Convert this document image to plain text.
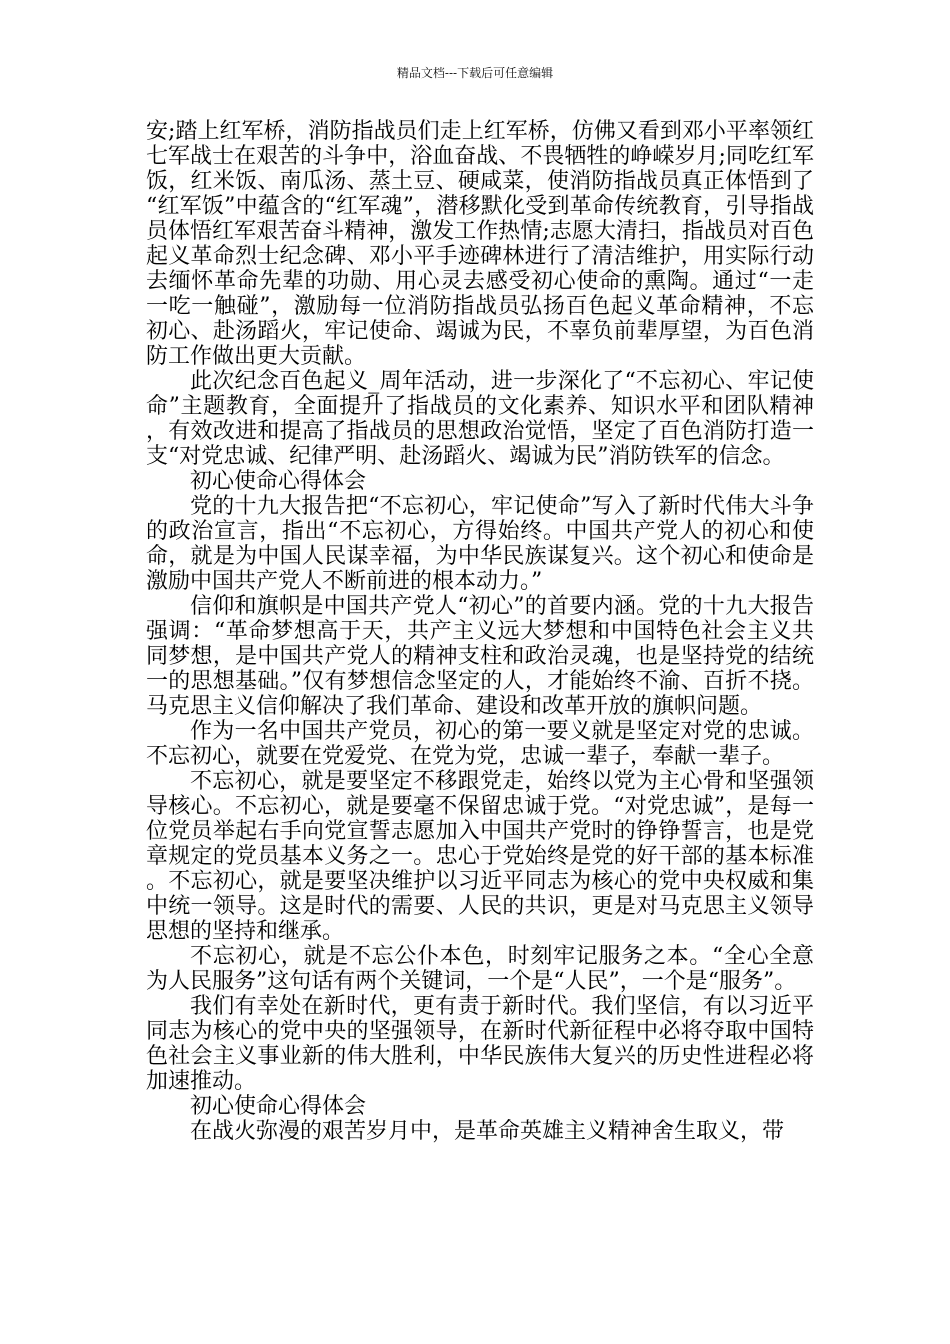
精品文档---下载后可任意编辑

安;踏上红军桥，消防指战员们走上红军桥，仿佛又看到邓小平率领红七军战士在艰苦的斗争中，浴血奋战、不畏牺牲的峥嵘岁月;同吃红军饭，红米饭、南瓜汤、蒸土豆、硬咸菜，使消防指战员真正体悟到了“红军饭”中蕴含的“红军魂”，潜移默化受到革命传统教育，引导指战员体悟红军艰苦奋斗精神，激发工作热情;志愿大清扫，指战员对百色起义革命烈士纪念碑、邓小平手迹碑林进行了清洁维护，用实际行动去缅怀革命先辈的功勋、用心灵去感受初心使命的熏陶。通过“一走一吃一触碰”，激励每一位消防指战员弘扬百色起义革命精神，不忘初心、赴汤蹈火，牢记使命、竭诚为民，不辜负前辈厚望，为百色消防工作做出更大贡献。

此次纪念百色起义_周年活动，进一步深化了“不忘初心、牢记使命”主题教育，全面提升了指战员的文化素养、知识水平和团队精神，有效改进和提高了指战员的思想政治觉悟，坚定了百色消防打造一支“对党忠诚、纪律严明、赴汤蹈火、竭诚为民”消防铁军的信念。

初心使命心得体会

党的十九大报告把“不忘初心，牢记使命”写入了新时代伟大斗争的政治宣言，指出“不忘初心，方得始终。中国共产党人的初心和使命，就是为中国人民谋幸福，为中华民族谋复兴。这个初心和使命是激励中国共产党人不断前进的根本动力。”

信仰和旗帜是中国共产党人“初心”的首要内涵。党的十九大报告强调：“革命梦想高于天，共产主义远大梦想和中国特色社会主义共同梦想，是中国共产党人的精神支柱和政治灵魂，也是坚持党的结统一的思想基础。”仅有梦想信念坚定的人，才能始终不渝、百折不挠。马克思主义信仰解决了我们革命、建设和改革开放的旗帜问题。

作为一名中国共产党员，初心的第一要义就是坚定对党的忠诚。不忘初心，就要在党爱党、在党为党，忠诚一辈子，奉献一辈子。

不忘初心，就是要坚定不移跟党走，始终以党为主心骨和坚强领导核心。不忘初心，就是要毫不保留忠诚于党。“对党忠诚”，是每一位党员举起右手向党宣誓志愿加入中国共产党时的铮铮誓言，也是党章规定的党员基本义务之一。忠心于党始终是党的好干部的基本标准。不忘初心，就是要坚决维护以习近平同志为核心的党中央权威和集中统一领导。这是时代的需要、人民的共识，更是对马克思主义领导思想的坚持和继承。

不忘初心，就是不忘公仆本色，时刻牢记服务之本。“全心全意为人民服务”这句话有两个关键词，一个是“人民”，一个是“服务”。

我们有幸处在新时代，更有责于新时代。我们坚信，有以习近平同志为核心的党中央的坚强领导，在新时代新征程中必将夺取中国特色社会主义事业新的伟大胜利，中华民族伟大复兴的历史性进程必将加速推动。

初心使命心得体会

在战火弥漫的艰苦岁月中，是革命英雄主义精神舍生取义，带
